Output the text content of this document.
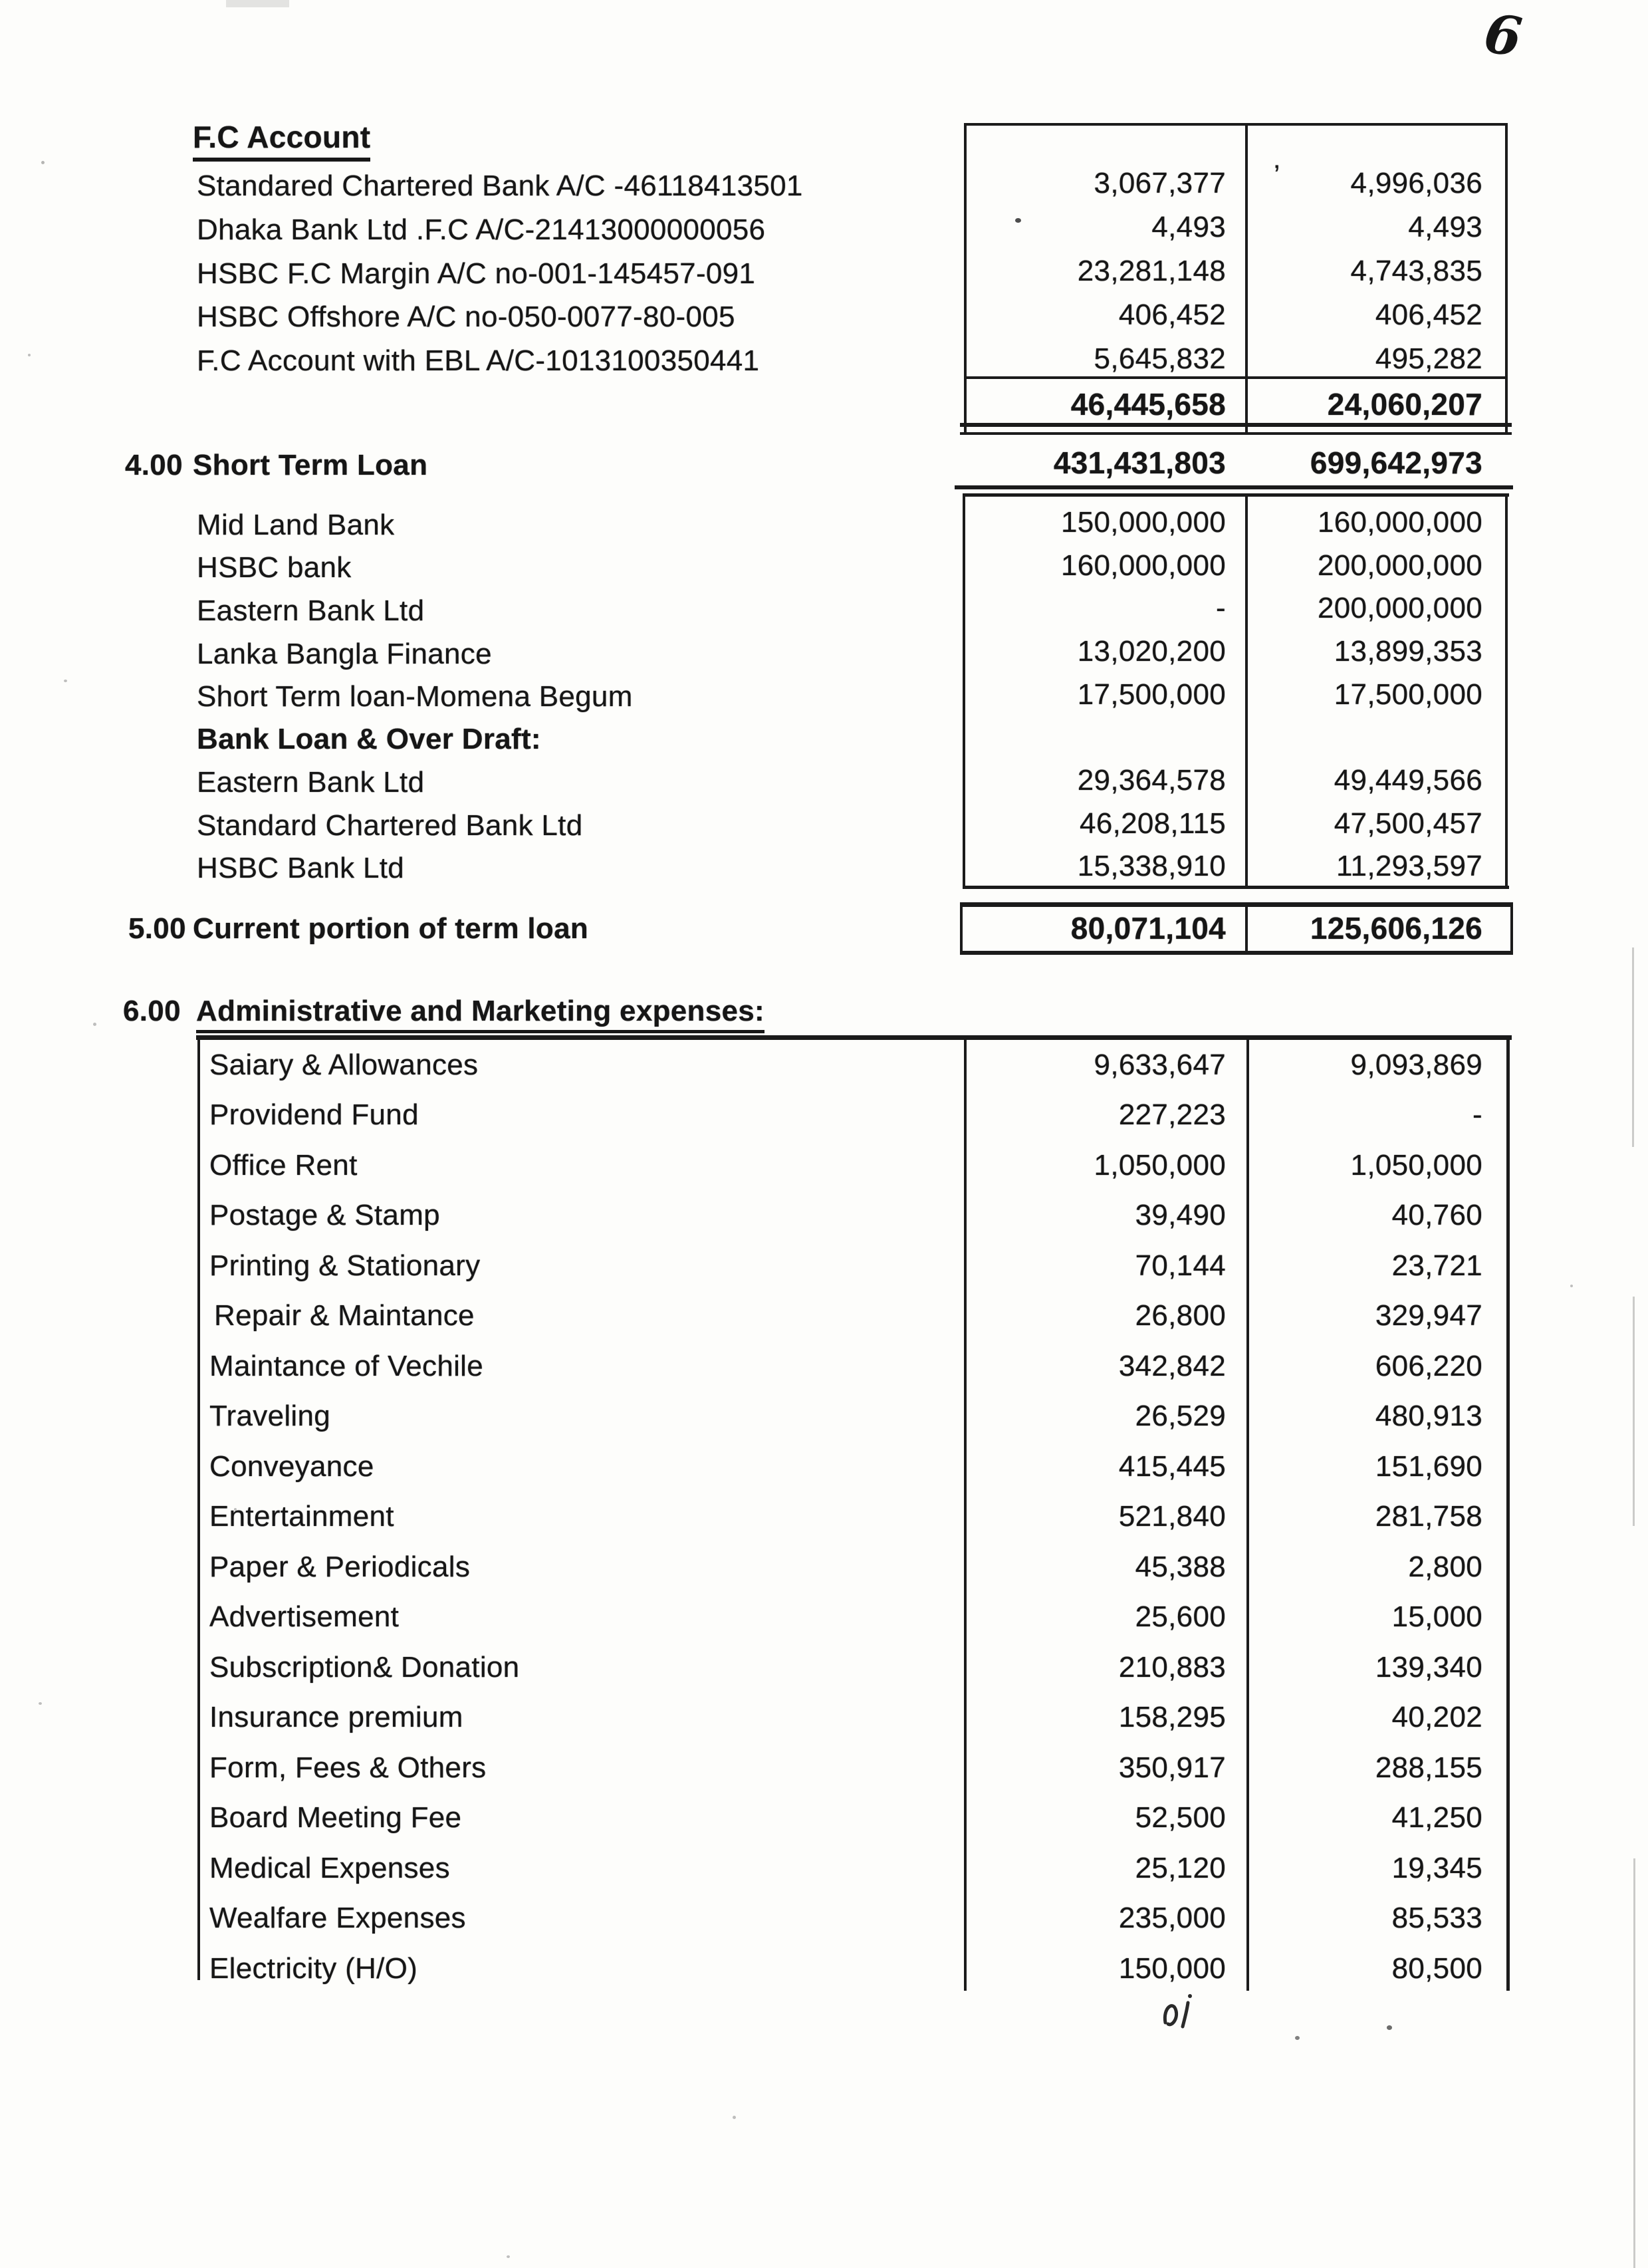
6
F.C Account
Standared Chartered Bank A/C -46118413501	3,067,377	4,996,036
Dhaka Bank Ltd .F.C A/C-21413000000056	4,493	4,493
HSBC F.C Margin A/C no-001-145457-091	23,281,148	4,743,835
HSBC Offshore A/C no-050-0077-80-005	406,452	406,452
F.C Account with EBL A/C-1013100350441	5,645,832	495,282
46,445,658	24,060,207
4.00 Short Term Loan	431,431,803	699,642,973
Mid Land Bank	150,000,000	160,000,000
HSBC bank	160,000,000	200,000,000
Eastern Bank Ltd	-	200,000,000
Lanka Bangla Finance	13,020,200	13,899,353
Short Term loan-Momena Begum	17,500,000	17,500,000
Bank Loan & Over Draft:
Eastern Bank Ltd	29,364,578	49,449,566
Standard Chartered Bank Ltd	46,208,115	47,500,457
HSBC Bank Ltd	15,338,910	11,293,597
5.00 Current portion of term loan	80,071,104	125,606,126
6.00 Administrative and Marketing expenses:
Saiary & Allowances	9,633,647	9,093,869
Providend Fund	227,223	-
Office Rent	1,050,000	1,050,000
Postage & Stamp	39,490	40,760
Printing & Stationary	70,144	23,721
Repair & Maintance	26,800	329,947
Maintance of Vechile	342,842	606,220
Traveling	26,529	480,913
Conveyance	415,445	151,690
Entertainment	521,840	281,758
Paper & Periodicals	45,388	2,800
Advertisement	25,600	15,000
Subscription& Donation	210,883	139,340
Insurance premium	158,295	40,202
Form, Fees & Others	350,917	288,155
Board Meeting Fee	52,500	41,250
Medical Expenses	25,120	19,345
Wealfare Expenses	235,000	85,533
Electricity (H/O)	150,000	80,500
’
